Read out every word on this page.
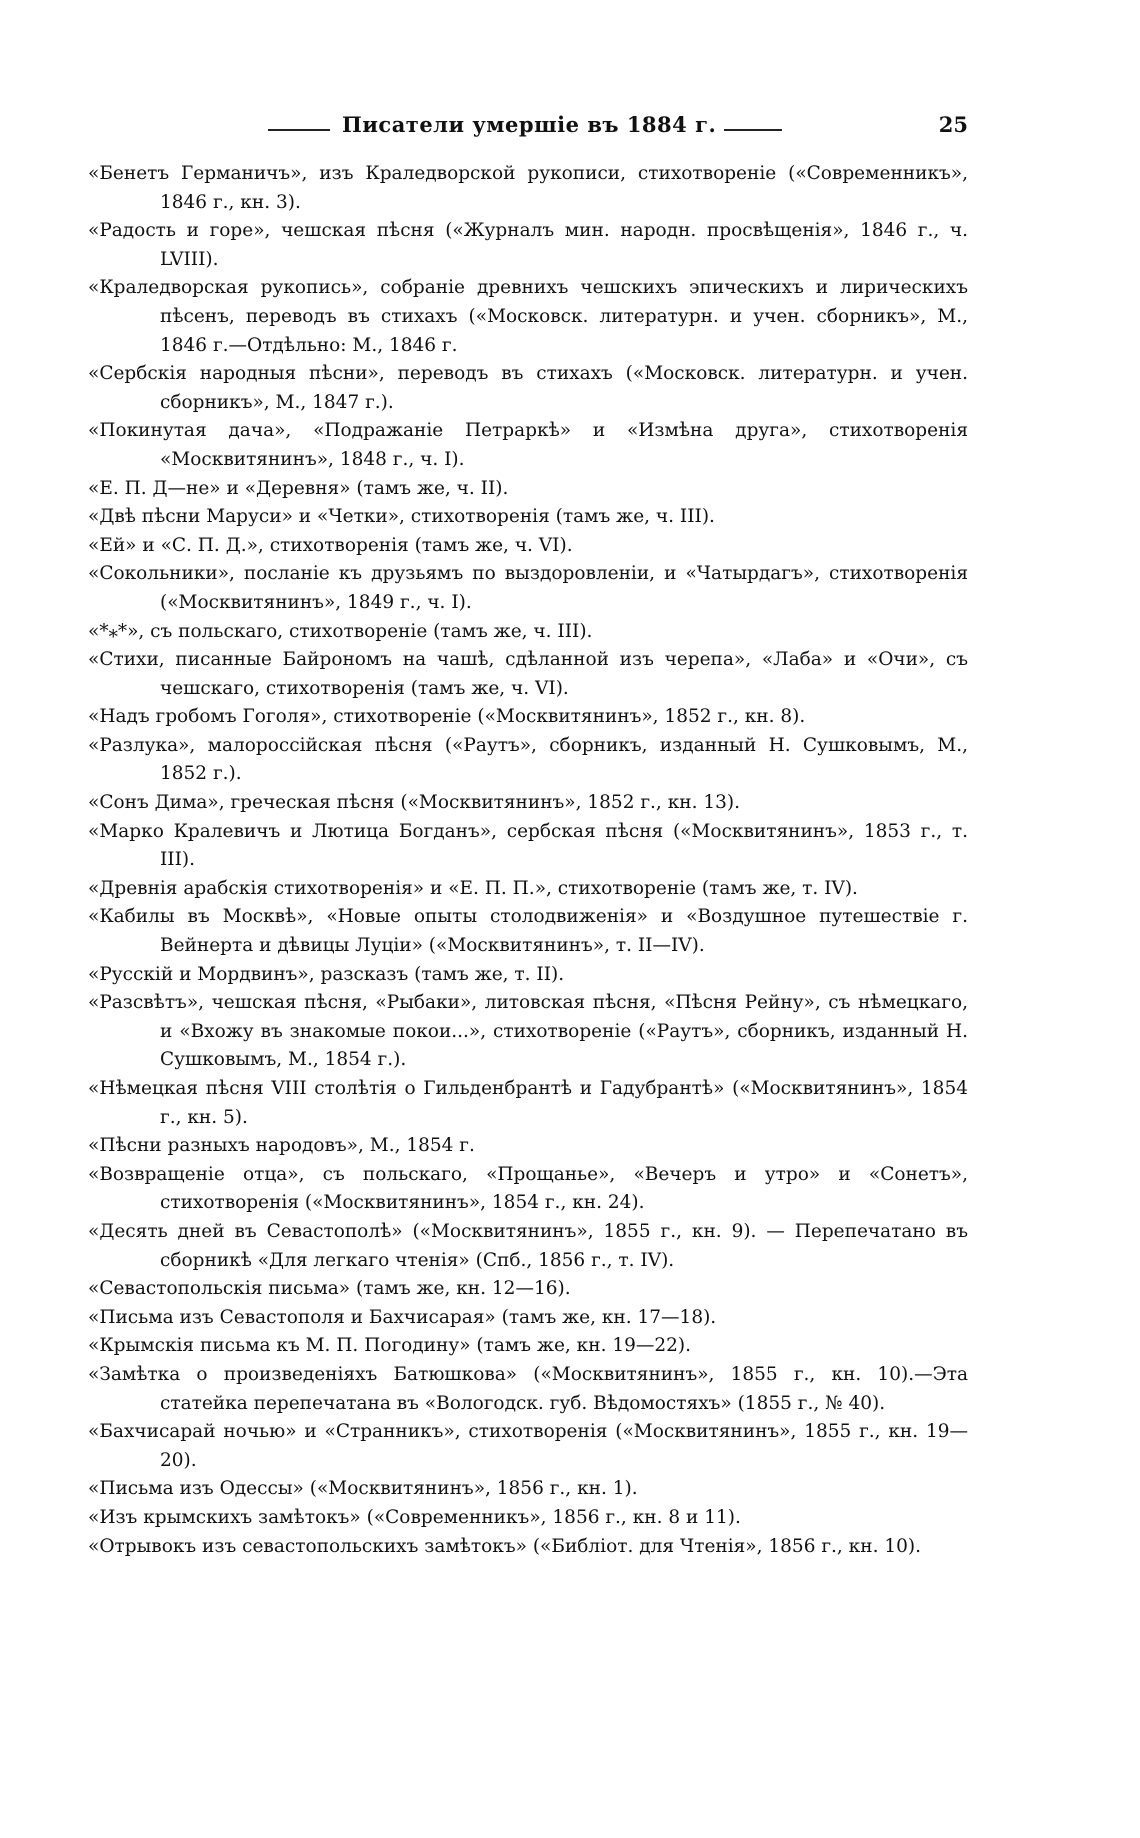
Писатели умершіе въ 1884 г.	25
«Бенетъ Германичъ», изъ Краледворской рукописи, стихотвореніе («Современникъ», 1846 г., кн. 3).
«Радость и горе», чешская пѣсня («Журналъ мин. народн. просвѣщенія», 1846 г., ч. LVIII).
«Краледворская рукопись», собраніе древнихъ чешскихъ эпическихъ и лирическихъ пѣсенъ, переводъ въ стихахъ («Московск. литературн. и учен. сборникъ», М., 1846 г.—Отдѣльно: М., 1846 г.
«Сербскія народныя пѣсни», переводъ въ стихахъ («Московск. литературн. и учен. сборникъ», М., 1847 г.).
«Покинутая дача», «Подражаніе Петраркѣ» и «Измѣна друга», стихотворенія «Москвитянинъ», 1848 г., ч. I).
«Е. П. Д—не» и «Деревня» (тамъ же, ч. II).
«Двѣ пѣсни Маруси» и «Четки», стихотворенія (тамъ же, ч. III).
«Ей» и «С. П. Д.», стихотворенія (тамъ же, ч. VI).
«Сокольники», посланіе къ друзьямъ по выздоровленіи, и «Чатырдагъ», стихотворенія («Москвитянинъ», 1849 г., ч. I).
«*⁎*», съ польскаго, стихотвореніе (тамъ же, ч. III).
«Стихи, писанные Байрономъ на чашѣ, сдѣланной изъ черепа», «Лаба» и «Очи», съ чешскаго, стихотворенія (тамъ же, ч. VI).
«Надъ гробомъ Гоголя», стихотвореніе («Москвитянинъ», 1852 г., кн. 8).
«Разлука», малороссійская пѣсня («Раутъ», сборникъ, изданный Н. Сушковымъ, М., 1852 г.).
«Сонъ Дима», греческая пѣсня («Москвитянинъ», 1852 г., кн. 13).
«Марко Кралевичъ и Лютица Богданъ», сербская пѣсня («Москвитянинъ», 1853 г., т. III).
«Древнія арабскія стихотворенія» и «Е. П. П.», стихотвореніе (тамъ же, т. IV).
«Кабилы въ Москвѣ», «Новые опыты столодвиженія» и «Воздушное путешествіе г. Вейнерта и дѣвицы Луціи» («Москвитянинъ», т. II—IV).
«Русскій и Мордвинъ», разсказъ (тамъ же, т. II).
«Разсвѣтъ», чешская пѣсня, «Рыбаки», литовская пѣсня, «Пѣсня Рейну», съ нѣмецкаго, и «Вхожу въ знакомые покои...», стихотвореніе («Раутъ», сборникъ, изданный Н. Сушковымъ, М., 1854 г.).
«Нѣмецкая пѣсня VIII столѣтія о Гильденбрантѣ и Гадубрантѣ» («Москвитянинъ», 1854 г., кн. 5).
«Пѣсни разныхъ народовъ», М., 1854 г.
«Возвращеніе отца», съ польскаго, «Прощанье», «Вечеръ и утро» и «Сонетъ», стихотворенія («Москвитянинъ», 1854 г., кн. 24).
«Десять дней въ Севастополѣ» («Москвитянинъ», 1855 г., кн. 9). — Перепечатано въ сборникѣ «Для легкаго чтенія» (Спб., 1856 г., т. IV).
«Севастопольскія письма» (тамъ же, кн. 12—16).
«Письма изъ Севастополя и Бахчисарая» (тамъ же, кн. 17—18).
«Крымскія письма къ М. П. Погодину» (тамъ же, кн. 19—22).
«Замѣтка о произведеніяхъ Батюшкова» («Москвитянинъ», 1855 г., кн. 10).—Эта статейка перепечатана въ «Вологодск. губ. Вѣдомостяхъ» (1855 г., № 40).
«Бахчисарай ночью» и «Странникъ», стихотворенія («Москвитянинъ», 1855 г., кн. 19—20).
«Письма изъ Одессы» («Москвитянинъ», 1856 г., кн. 1).
«Изъ крымскихъ замѣтокъ» («Современникъ», 1856 г., кн. 8 и 11).
«Отрывокъ изъ севастопольскихъ замѣтокъ» («Библіот. для Чтенія», 1856 г., кн. 10).
